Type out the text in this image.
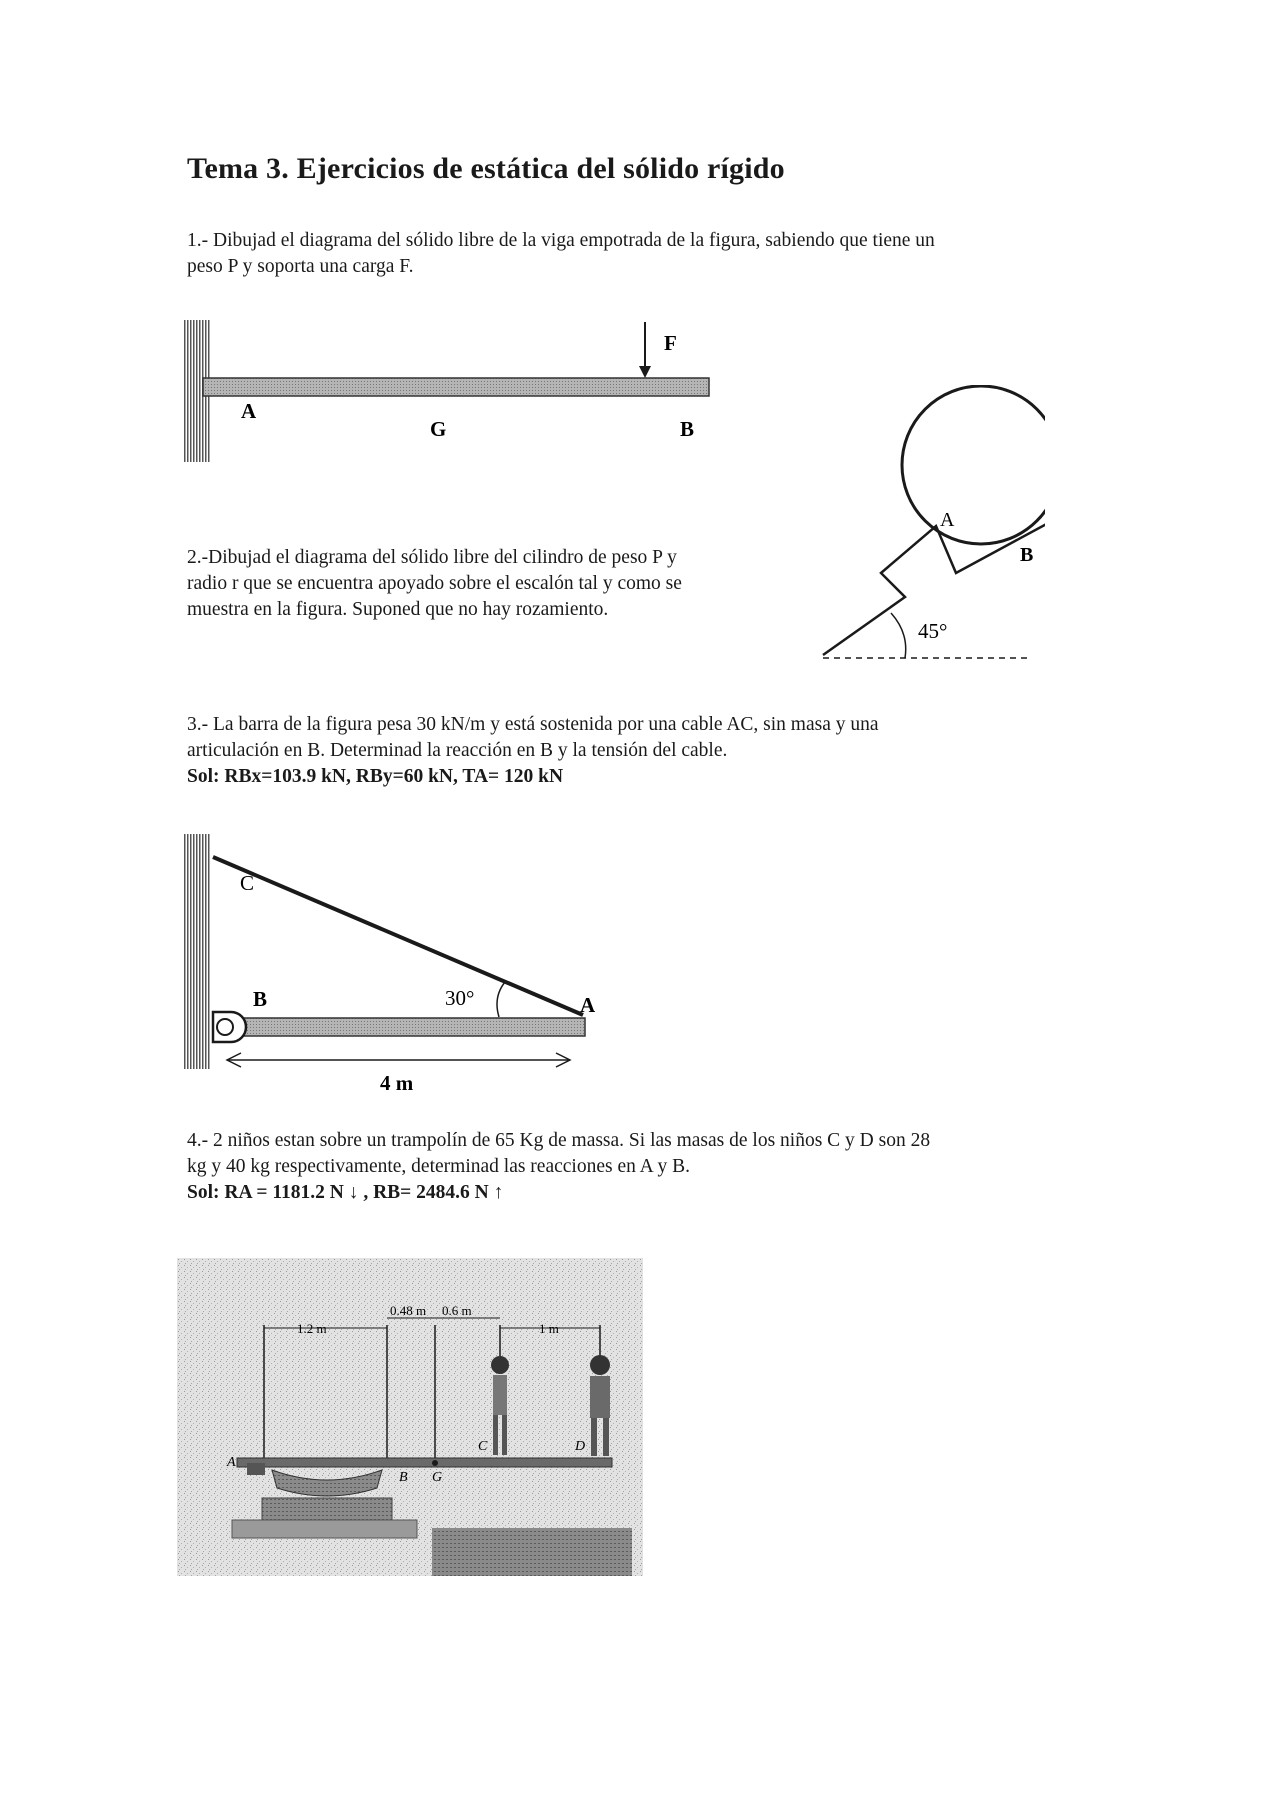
Tema 3. Ejercicios de estática del sólido rígido
1.- Dibujad el diagrama del sólido libre de la viga empotrada de la figura, sabiendo que tiene un
peso P y soporta una carga F.
F
A
G	B
2.-Dibujad el diagrama del sólido libre del cilindro de peso P y
radio r que se encuentra apoyado sobre el escalón tal y como se
muestra en la figura. Suponed que no hay rozamiento.
A
B
45°
3.- La barra de la figura pesa 30 kN/m y está sostenida por una cable AC, sin masa y una
articulación en B. Determinad la reacción en B y la tensión del cable.
Sol: RBx=103.9 kN, RBy=60 kN, TA= 120 kN
C
B	30°	A
4 m
4.- 2 niños estan sobre un trampolín de 65 Kg de massa. Si las masas de los niños C y D son 28
kg y 40 kg respectivamente, determinad las reacciones en A y B.
Sol: RA = 1181.2 N ↓ , RB= 2484.6 N ↑
1.2 m
0.48 m 0.6 m
1 m
A
B G
C	D
